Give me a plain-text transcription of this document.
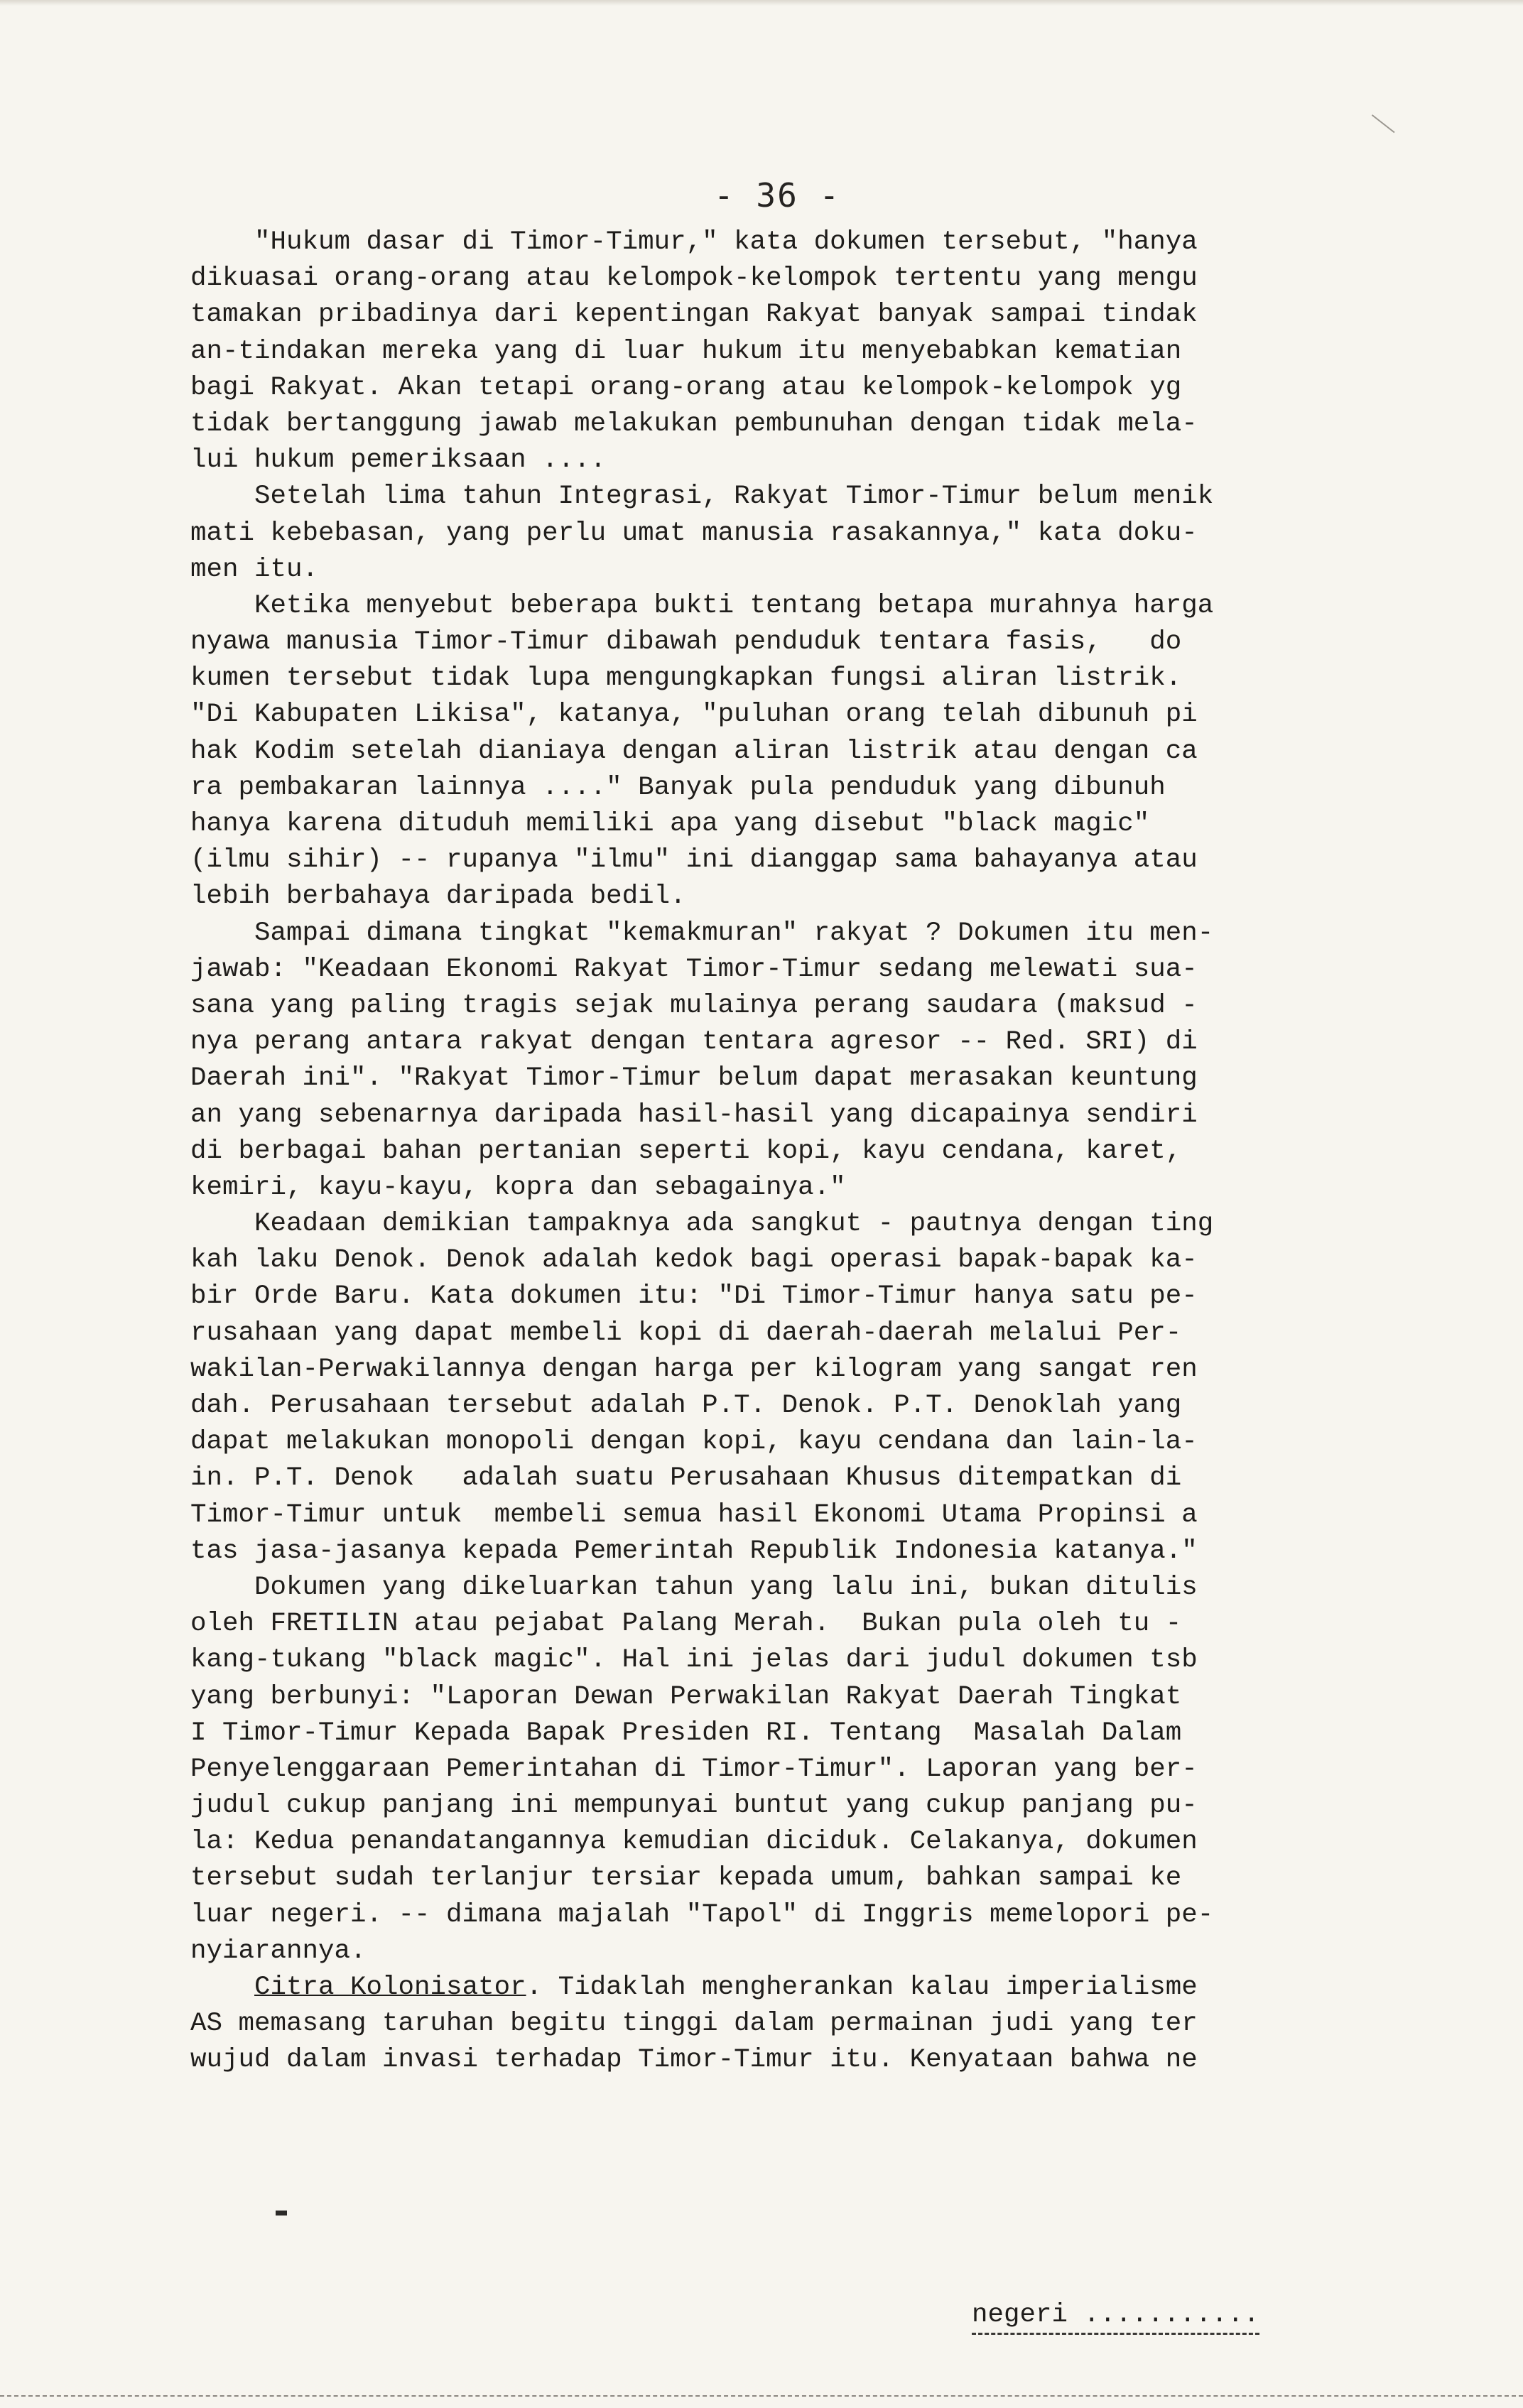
- 36 -
"Hukum dasar di Timor-Timur," kata dokumen tersebut, "hanya
dikuasai orang-orang atau kelompok-kelompok tertentu yang mengu
tamakan pribadinya dari kepentingan Rakyat banyak sampai tindak
an-tindakan mereka yang di luar hukum itu menyebabkan kematian
bagi Rakyat. Akan tetapi orang-orang atau kelompok-kelompok yg
tidak bertanggung jawab melakukan pembunuhan dengan tidak mela-
lui hukum pemeriksaan ....
Setelah lima tahun Integrasi, Rakyat Timor-Timur belum menik
mati kebebasan, yang perlu umat manusia rasakannya," kata doku-
men itu.
Ketika menyebut beberapa bukti tentang betapa murahnya harga
nyawa manusia Timor-Timur dibawah penduduk tentara fasis,   do
kumen tersebut tidak lupa mengungkapkan fungsi aliran listrik.
"Di Kabupaten Likisa", katanya, "puluhan orang telah dibunuh pi
hak Kodim setelah dianiaya dengan aliran listrik atau dengan ca
ra pembakaran lainnya ...." Banyak pula penduduk yang dibunuh
hanya karena dituduh memiliki apa yang disebut "black magic"
(ilmu sihir) -- rupanya "ilmu" ini dianggap sama bahayanya atau
lebih berbahaya daripada bedil.
Sampai dimana tingkat "kemakmuran" rakyat ? Dokumen itu men-
jawab: "Keadaan Ekonomi Rakyat Timor-Timur sedang melewati sua-
sana yang paling tragis sejak mulainya perang saudara (maksud -
nya perang antara rakyat dengan tentara agresor -- Red. SRI) di
Daerah ini". "Rakyat Timor-Timur belum dapat merasakan keuntung
an yang sebenarnya daripada hasil-hasil yang dicapainya sendiri
di berbagai bahan pertanian seperti kopi, kayu cendana, karet,
kemiri, kayu-kayu, kopra dan sebagainya."
Keadaan demikian tampaknya ada sangkut - pautnya dengan ting
kah laku Denok. Denok adalah kedok bagi operasi bapak-bapak ka-
bir Orde Baru. Kata dokumen itu: "Di Timor-Timur hanya satu pe-
rusahaan yang dapat membeli kopi di daerah-daerah melalui Per-
wakilan-Perwakilannya dengan harga per kilogram yang sangat ren
dah. Perusahaan tersebut adalah P.T. Denok. P.T. Denoklah yang
dapat melakukan monopoli dengan kopi, kayu cendana dan lain-la-
in. P.T. Denok   adalah suatu Perusahaan Khusus ditempatkan di
Timor-Timur untuk  membeli semua hasil Ekonomi Utama Propinsi a
tas jasa-jasanya kepada Pemerintah Republik Indonesia katanya."
Dokumen yang dikeluarkan tahun yang lalu ini, bukan ditulis
oleh FRETILIN atau pejabat Palang Merah.  Bukan pula oleh tu -
kang-tukang "black magic". Hal ini jelas dari judul dokumen tsb
yang berbunyi: "Laporan Dewan Perwakilan Rakyat Daerah Tingkat
I Timor-Timur Kepada Bapak Presiden RI. Tentang  Masalah Dalam
Penyelenggaraan Pemerintahan di Timor-Timur". Laporan yang ber-
judul cukup panjang ini mempunyai buntut yang cukup panjang pu-
la: Kedua penandatangannya kemudian diciduk. Celakanya, dokumen
tersebut sudah terlanjur tersiar kepada umum, bahkan sampai ke
luar negeri. -- dimana majalah "Tapol" di Inggris memelopori pe-
nyiarannya.
Citra Kolonisator. Tidaklah mengherankan kalau imperialisme
AS memasang taruhan begitu tinggi dalam permainan judi yang ter
wujud dalam invasi terhadap Timor-Timur itu. Kenyataan bahwa ne
negeri ...........
